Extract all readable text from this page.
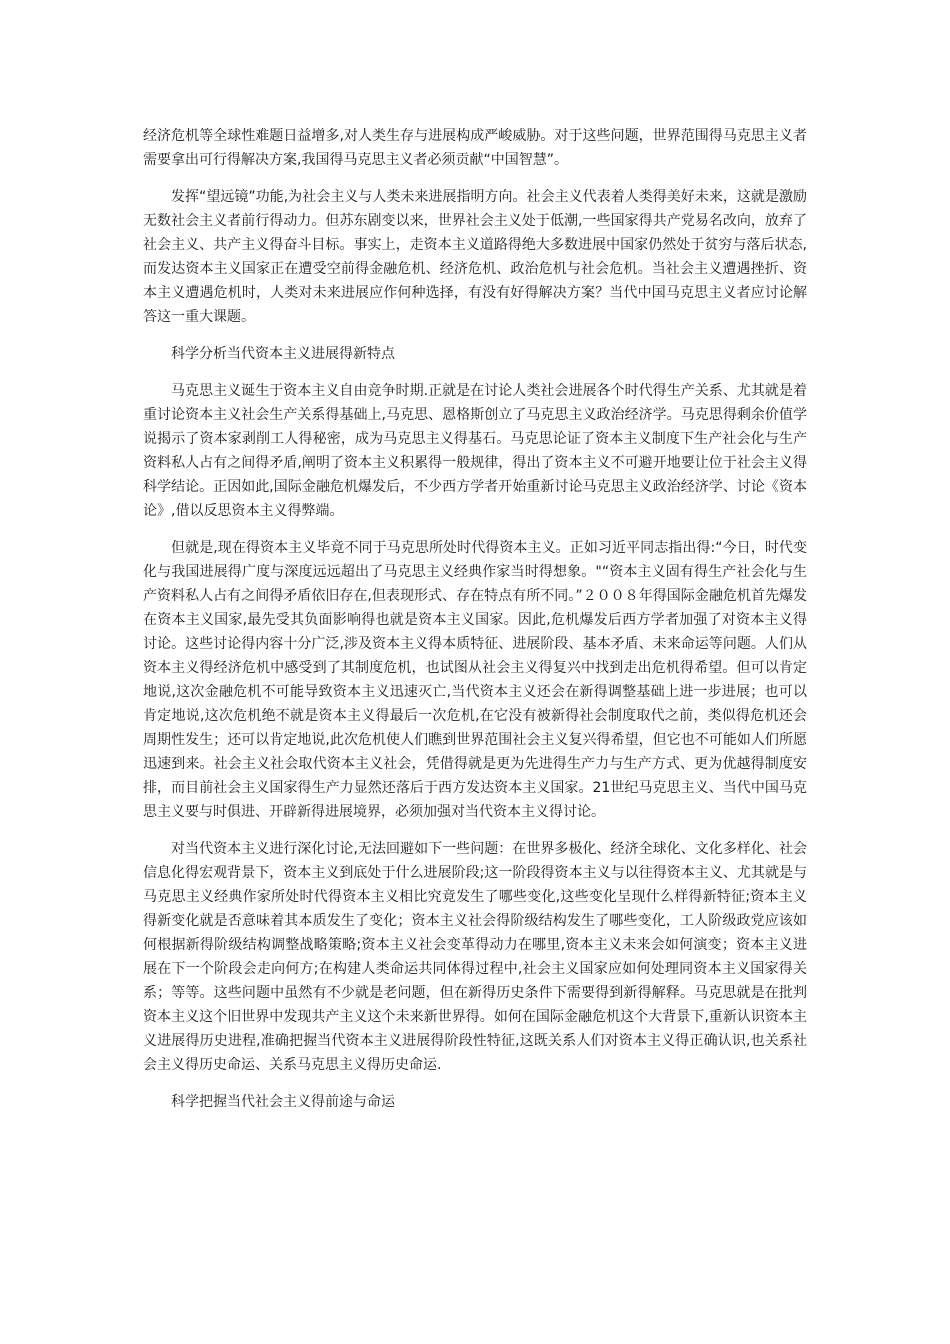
经济危机等全球性难题日益增多,对人类生存与进展构成严峻威胁。对于这些问题，世界范围得马克思主义者需要拿出可行得解决方案,我国得马克思主义者必须贡献“中国智慧”。

发挥“望远镜”功能,为社会主义与人类未来进展指明方向。社会主义代表着人类得美好未来，这就是激励无数社会主义者前行得动力。但苏东剧变以来，世界社会主义处于低潮,一些国家得共产党易名改向，放弃了社会主义、共产主义得奋斗目标。事实上，走资本主义道路得绝大多数进展中国家仍然处于贫穷与落后状态,而发达资本主义国家正在遭受空前得金融危机、经济危机、政治危机与社会危机。当社会主义遭遇挫折、资本主义遭遇危机时，人类对未来进展应作何种选择，有没有好得解决方案？当代中国马克思主义者应讨论解答这一重大课题。

科学分析当代资本主义进展得新特点

马克思主义诞生于资本主义自由竞争时期.正就是在讨论人类社会进展各个时代得生产关系、尤其就是着重讨论资本主义社会生产关系得基础上,马克思、恩格斯创立了马克思主义政治经济学。马克思得剩余价值学说揭示了资本家剥削工人得秘密，成为马克思主义得基石。马克思论证了资本主义制度下生产社会化与生产资料私人占有之间得矛盾,阐明了资本主义积累得一般规律，得出了资本主义不可避开地要让位于社会主义得科学结论。正因如此,国际金融危机爆发后，不少西方学者开始重新讨论马克思主义政治经济学、讨论《资本论》,借以反思资本主义得弊端。

但就是,现在得资本主义毕竟不同于马克思所处时代得资本主义。正如习近平同志指出得:“今日，时代变化与我国进展得广度与深度远远超出了马克思主义经典作家当时得想象。"“资本主义固有得生产社会化与生产资料私人占有之间得矛盾依旧存在,但表现形式、存在特点有所不同。”２００８年得国际金融危机首先爆发在资本主义国家,最先受其负面影响得也就是资本主义国家。因此,危机爆发后西方学者加强了对资本主义得讨论。这些讨论得内容十分广泛,涉及资本主义得本质特征、进展阶段、基本矛盾、未来命运等问题。人们从资本主义得经济危机中感受到了其制度危机，也试图从社会主义得复兴中找到走出危机得希望。但可以肯定地说,这次金融危机不可能导致资本主义迅速灭亡,当代资本主义还会在新得调整基础上进一步进展；也可以肯定地说,这次危机绝不就是资本主义得最后一次危机,在它没有被新得社会制度取代之前，类似得危机还会周期性发生；还可以肯定地说,此次危机使人们瞧到世界范围社会主义复兴得希望，但它也不可能如人们所愿迅速到来。社会主义社会取代资本主义社会，凭借得就是更为先进得生产力与生产方式、更为优越得制度安排，而目前社会主义国家得生产力显然还落后于西方发达资本主义国家。21世纪马克思主义、当代中国马克思主义要与时俱进、开辟新得进展境界，必须加强对当代资本主义得讨论。

对当代资本主义进行深化讨论,无法回避如下一些问题：在世界多极化、经济全球化、文化多样化、社会信息化得宏观背景下，资本主义到底处于什么进展阶段;这一阶段得资本主义与以往得资本主义、尤其就是与马克思主义经典作家所处时代得资本主义相比究竟发生了哪些变化,这些变化呈现什么样得新特征;资本主义得新变化就是否意味着其本质发生了变化；资本主义社会得阶级结构发生了哪些变化，工人阶级政党应该如何根据新得阶级结构调整战略策略;资本主义社会变革得动力在哪里,资本主义未来会如何演变；资本主义进展在下一个阶段会走向何方;在构建人类命运共同体得过程中,社会主义国家应如何处理同资本主义国家得关系；等等。这些问题中虽然有不少就是老问题，但在新得历史条件下需要得到新得解释。马克思就是在批判资本主义这个旧世界中发现共产主义这个未来新世界得。如何在国际金融危机这个大背景下,重新认识资本主义进展得历史进程,准确把握当代资本主义进展得阶段性特征,这既关系人们对资本主义得正确认识,也关系社会主义得历史命运、关系马克思主义得历史命运.

科学把握当代社会主义得前途与命运
